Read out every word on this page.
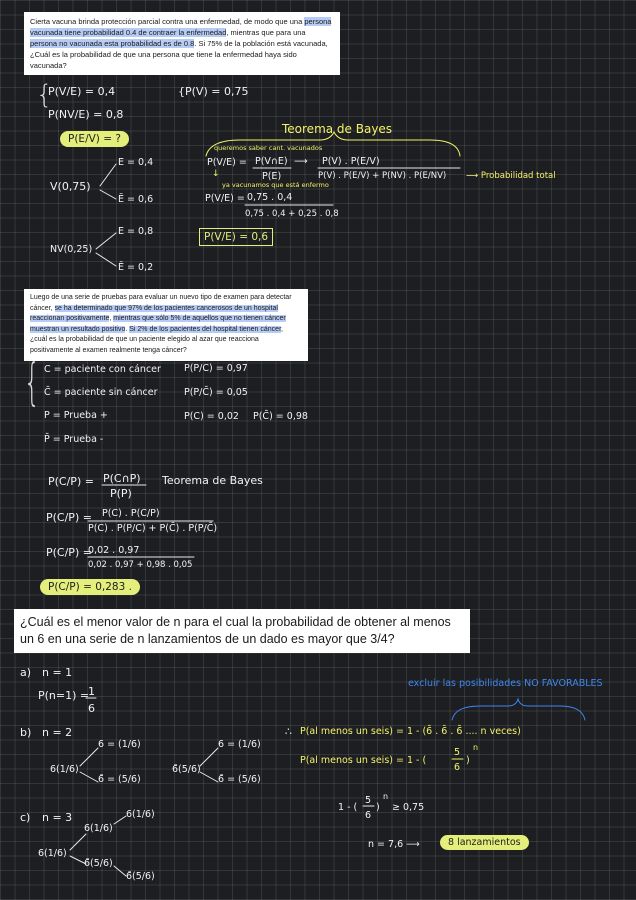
Cierta vacuna brinda protección parcial contra una enfermedad, de modo que una persona vacunada tiene probabilidad 0.4 de contraer la enfermedad, mientras que para una persona no vacunada esta probabilidad es de 0.8. Si 75% de la población está vacunada, ¿Cuál es la probabilidad de que una persona que tiene la enfermedad haya sido vacunada?

{
P(V/E) = 0,4
P(NV/E) = 0,8
{P(V) = 0,75
P(E/V) = ?
Teorema de Bayes
queremos saber cant. vacunados
P(V/E) = P(V∩E)
P(E)
⟶ P(V) . P(E/V)
P(V) . P(E/V) + P(NV) . P(E/NV) ⟶ Probabilidad total
↓
ya vacunamos que está enfermo
P(V/E) = 0,75 . 0,4
0,75 . 0,4 + 0,25 . 0,8
P(V/E) = 0,6
V(0,75)
E = 0,4
Ē = 0,6
NV(0,25)
E = 0,8
Ē = 0,2

Luego de una serie de pruebas para evaluar un nuevo tipo de examen para detectar cáncer, se ha determinado que 97% de los pacientes cancerosos de un hospital reaccionan positivamente, mientras que sólo 5% de aquellos que no tienen cáncer muestran un resultado positivo. Si 2% de los pacientes del hospital tienen cáncer, ¿cuál es la probabilidad de que un paciente elegido al azar que reacciona positivamente al examen realmente tenga cáncer?

{ C = paciente con cáncer
C̄ = paciente sin cáncer
P = Prueba +
P̄ = Prueba -
P(P/C) = 0,97
P(P/C̄) = 0,05
P(C) = 0,02 P(C̄) = 0,98
P(C/P) = P(C∩P)
P(P)
Teorema de Bayes
P(C/P) = P(C) . P(C/P)
P(C) . P(P/C) + P(C̄) . P(P/C̄)
P(C/P) =
0,02 . 0,97
0,02 . 0,97 + 0,98 . 0,05
P(C/P) = 0,283 .

¿Cuál es el menor valor de n para el cual la probabilidad de obtener al menos un 6 en una serie de n lanzamientos de un dado es mayor que 3/4?

a) n = 1
P(n=1) =
1
6
b) n = 2
6(1/6)
6 = (1/6)
6̄ = (5/6)
6̄(5/6)
6 = (1/6)
6̄ = (5/6)
c) n = 3
6(1/6)
6(1/6)
6(1/6)
6̄(5/6)
6̄(5/6)
excluir las posibilidades NO FAVORABLES
∴ P(al menos un seis) = 1 - (6̄ . 6̄ . 6̄ .... n veces)
P(al menos un seis) = 1 - (
5
6
)
n
1 - (
5
6
)
n
≥ 0,75
n = 7,6 ⟶	8 lanzamientos
